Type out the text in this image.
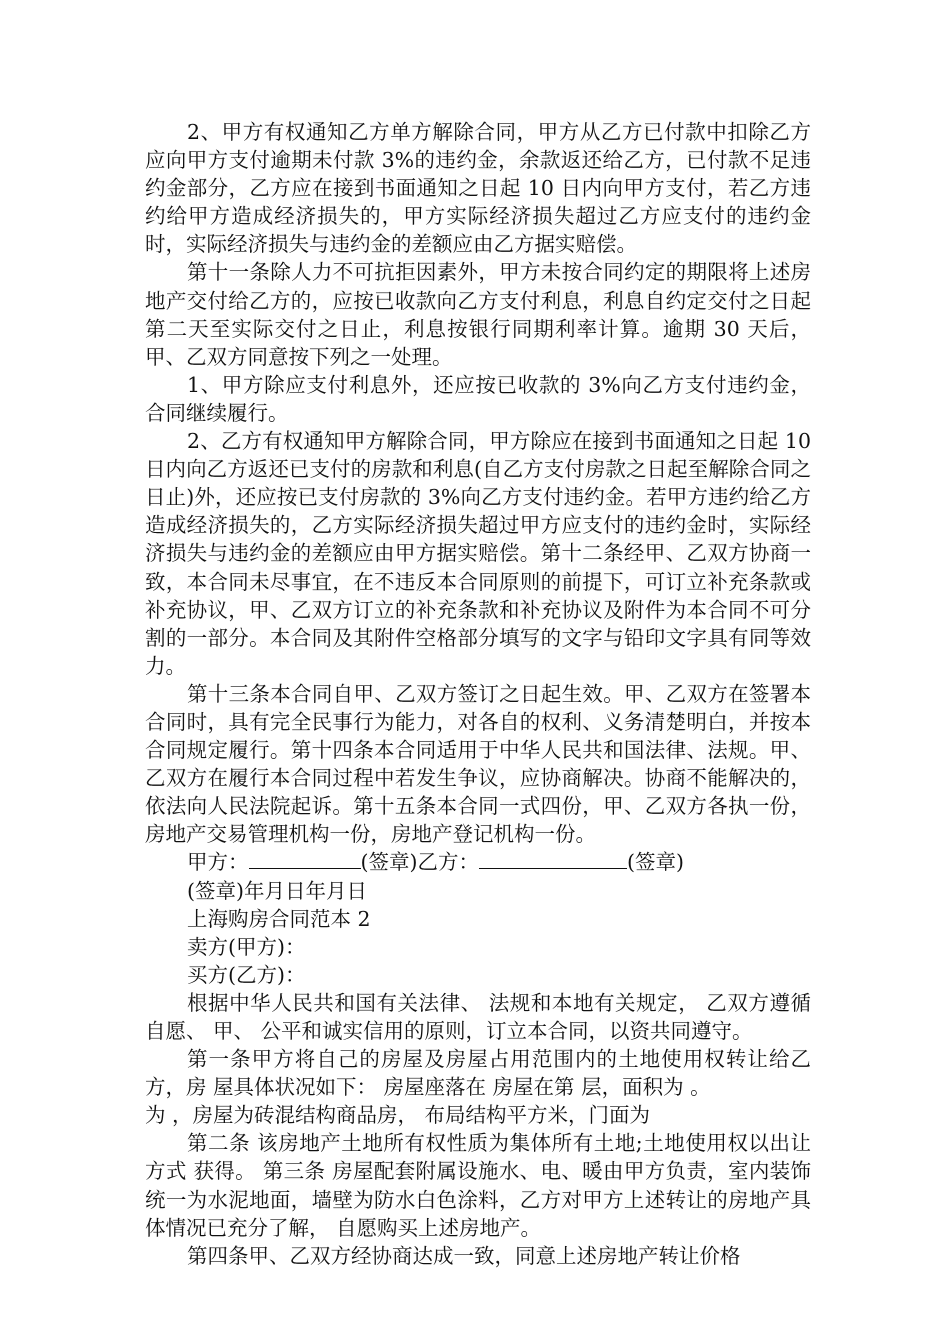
2、甲方有权通知乙方单方解除合同，甲方从乙方已付款中扣除乙方应向甲方支付逾期未付款 3%的违约金，余款返还给乙方，已付款不足违约金部分，乙方应在接到书面通知之日起 10 日内向甲方支付，若乙方违约给甲方造成经济损失的，甲方实际经济损失超过乙方应支付的违约金时，实际经济损失与违约金的差额应由乙方据实赔偿。

第十一条除人力不可抗拒因素外，甲方未按合同约定的期限将上述房地产交付给乙方的，应按已收款向乙方支付利息，利息自约定交付之日起第二天至实际交付之日止，利息按银行同期利率计算。逾期 30 天后，甲、乙双方同意按下列之一处理。

1、甲方除应支付利息外，还应按已收款的 3%向乙方支付违约金，合同继续履行。

2、乙方有权通知甲方解除合同，甲方除应在接到书面通知之日起 10 日内向乙方返还已支付的房款和利息(自乙方支付房款之日起至解除合同之日止)外，还应按已支付房款的 3%向乙方支付违约金。若甲方违约给乙方造成经济损失的，乙方实际经济损失超过甲方应支付的违约金时，实际经济损失与违约金的差额应由甲方据实赔偿。第十二条经甲、乙双方协商一致，本合同未尽事宜，在不违反本合同原则的前提下，可订立补充条款或补充协议，甲、乙双方订立的补充条款和补充协议及附件为本合同不可分割的一部分。本合同及其附件空格部分填写的文字与铅印文字具有同等效力。

第十三条本合同自甲、乙双方签订之日起生效。甲、乙双方在签署本合同时，具有完全民事行为能力，对各自的权利、义务清楚明白，并按本合同规定履行。第十四条本合同适用于中华人民共和国法律、法规。甲、乙双方在履行本合同过程中若发生争议，应协商解决。协商不能解决的，依法向人民法院起诉。第十五条本合同一式四份，甲、乙双方各执一份，房地产交易管理机构一份，房地产登记机构一份。

甲方：	(签章)乙方：	(签章)

(签章)年月日年月日

上海购房合同范本 2

卖方(甲方)：

买方(乙方)：

根据中华人民共和国有关法律、 法规和本地有关规定， 乙双方遵循自愿、 甲、 公平和诚实信用的原则，订立本合同，以资共同遵守。

第一条甲方将自己的房屋及房屋占用范围内的土地使用权转让给乙方，房 屋具体状况如下： 房屋座落在 房屋在第 层，面积为 。

为 ，房屋为砖混结构商品房， 布局结构平方米，门面为

第二条 该房地产土地所有权性质为集体所有土地;土地使用权以出让方式 获得。 第三条 房屋配套附属设施水、电、暖由甲方负责，室内装饰统一为水泥地面，墙壁为防水白色涂料，乙方对甲方上述转让的房地产具体情况已充分了解， 自愿购买上述房地产。

第四条甲、乙双方经协商达成一致，同意上述房地产转让价格
